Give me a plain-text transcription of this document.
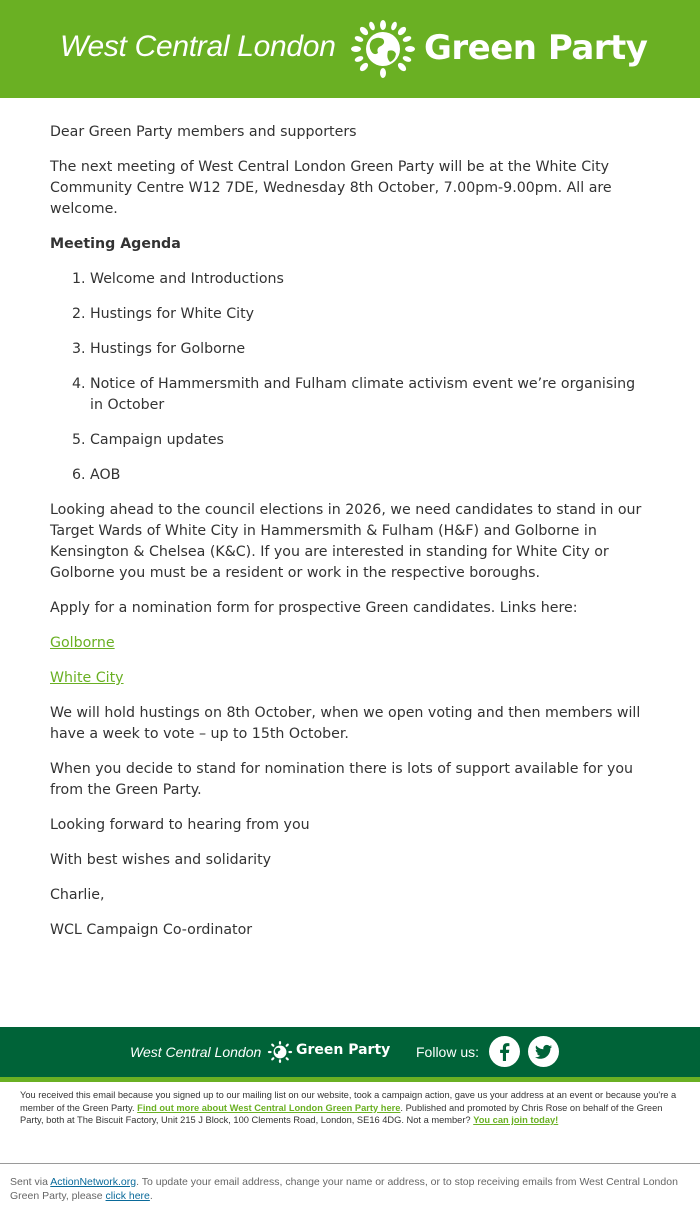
West Central London	Green Party

Dear Green Party members and supporters

The next meeting of West Central London Green Party will be at the White City Community Centre W12 7DE, Wednesday 8th October, 7.00pm-9.00pm. All are welcome.

Meeting Agenda
1. Welcome and Introductions
2. Hustings for White City
3. Hustings for Golborne
4. Notice of Hammersmith and Fulham climate activism event we’re organising in October
5. Campaign updates
6. AOB

Looking ahead to the council elections in 2026, we need candidates to stand in our Target Wards of White City in Hammersmith & Fulham (H&F) and Golborne in Kensington & Chelsea (K&C). If you are interested in standing for White City or Golborne you must be a resident or work in the respective boroughs.

Apply for a nomination form for prospective Green candidates. Links here:

Golborne

White City

We will hold hustings on 8th October, when we open voting and then members will have a week to vote – up to 15th October.

When you decide to stand for nomination there is lots of support available for you from the Green Party.

Looking forward to hearing from you

With best wishes and solidarity

Charlie,

WCL Campaign Co-ordinator

West Central London Green Party Follow us:
You received this email because you signed up to our mailing list on our website, took a campaign action, gave us your address at an event or because you're a member of the Green Party. Find out more about West Central London Green Party here. Published and promoted by Chris Rose on behalf of the Green Party, both at The Biscuit Factory, Unit 215 J Block, 100 Clements Road, London, SE16 4DG. Not a member? You can join today!
Sent via ActionNetwork.org. To update your email address, change your name or address, or to stop receiving emails from West Central London Green Party, please click here.
